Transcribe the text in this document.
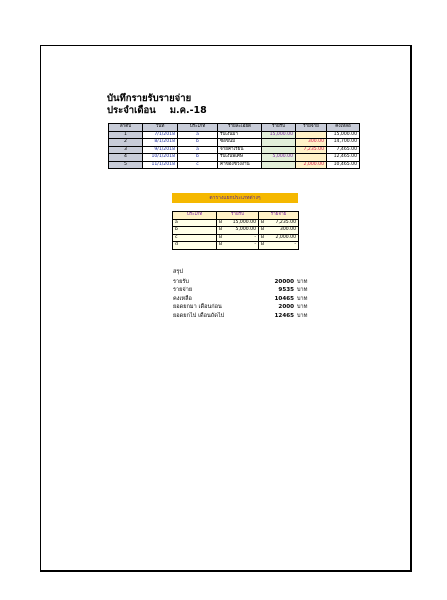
บันทึกรายรับรายจ่าย
ประจำเดือน ม.ค.-18
ลำดับ	วันที่	ประเภท	รายละเอียด	รายรับ	รายจ่าย	คงเหลือ
1	7/1/2018	a	รับเงินมา	15,000.00		15,000.00
2	8/1/2018	b	ซื้อขนม		300.00	14,700.00
3	9/1/2018	a	จ่ายค่าเรียน		7,235.00	7,465.00
4	10/1/2018	b	รับเงินพิเศษ	5,000.00		12,465.00
5	11/1/2018	c	ค่าของช่วงงาน		2,000.00	10,465.00
ตารางแยกประเภทต่างๆ
ประเภท	รายรับ	รายจ่าย
a	B 15,000.00	B 7,235.00
b	B 5,000.00	B 300.00
c	B -	B 2,000.00
d	B -	B -
สรุป
รายรับ	20000 บาท
รายจ่าย	9535 บาท
คงเหลือ	10465 บาท
ยอดยกมา เดือนก่อน	2000 บาท
ยอดยกไป เดือนถัดไป	12465 บาท
